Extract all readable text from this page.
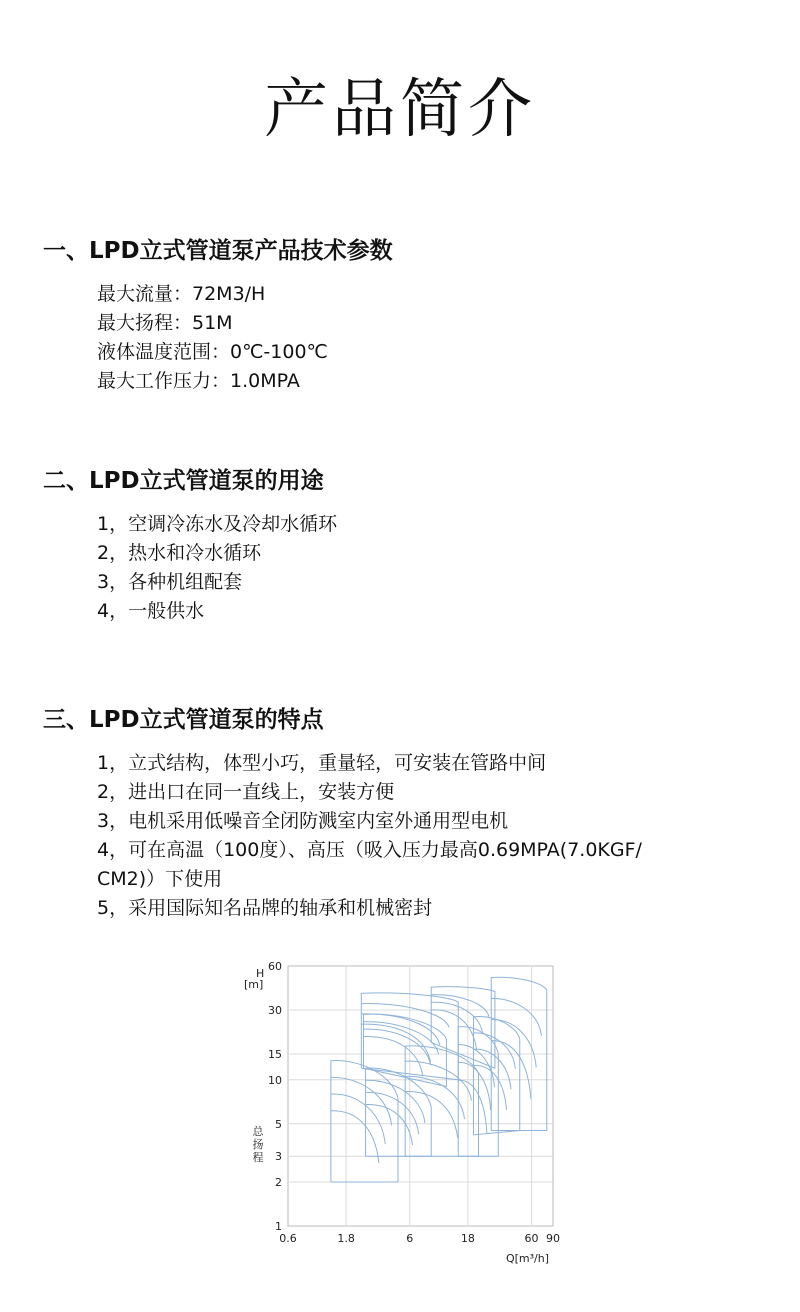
产品简介
一、LPD立式管道泵产品技术参数
最大流量：72M3/H
最大扬程：51M
液体温度范围：0℃-100℃
最大工作压力：1.0MPA
二、LPD立式管道泵的用途
1，空调冷冻水及冷却水循环
2，热水和冷水循环
3，各种机组配套
4，一般供水
三、LPD立式管道泵的特点
1，立式结构，体型小巧，重量轻，可安装在管路中间
2，进出口在同一直线上，安装方便
3，电机采用低噪音全闭防溅室内室外通用型电机
4，可在高温（100度）、高压（吸入压力最高0.69MPA(7.0KGF/
CM2)）下使用
5，采用国际知名品牌的轴承和机械密封
0.6	1.8	6	18	60 90
1
2
3
5
10
15
30
60
H
[m]
总扬程
Q[m³/h]
